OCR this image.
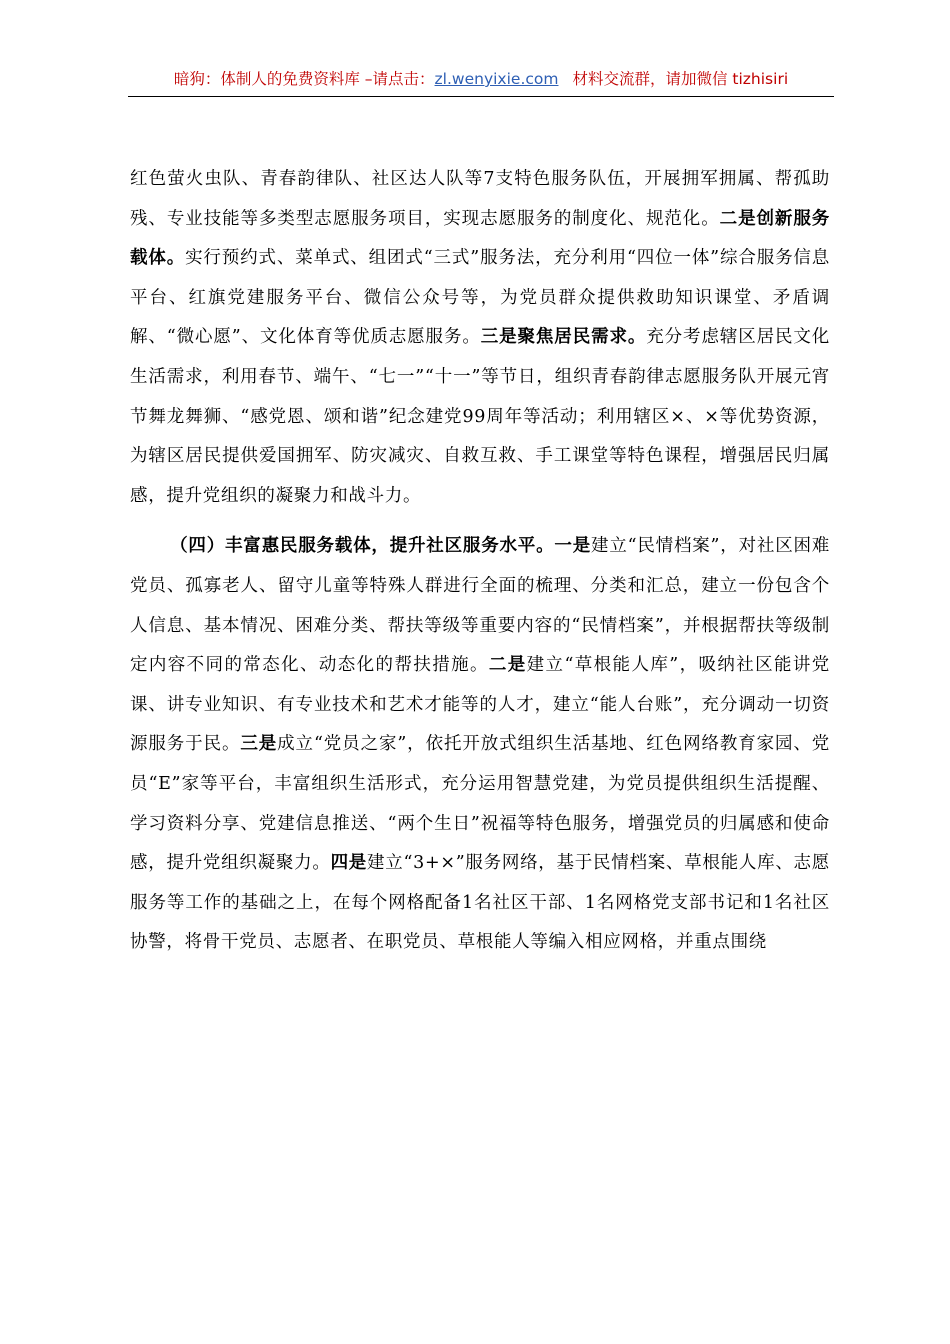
暗狗：体制人的免费资料库 –请点击：zl.wenyixie.com 材料交流群，请加微信 tizhisiri

红色萤火虫队、青春韵律队、社区达人队等7支特色服务队伍，开展拥军拥属、帮孤助残、专业技能等多类型志愿服务项目，实现志愿服务的制度化、规范化。二是创新服务载体。实行预约式、菜单式、组团式“三式”服务法，充分利用“四位一体”综合服务信息平台、红旗党建服务平台、微信公众号等，为党员群众提供救助知识课堂、矛盾调解、“微心愿”、文化体育等优质志愿服务。三是聚焦居民需求。充分考虑辖区居民文化生活需求，利用春节、端午、“七一”“十一”等节日，组织青春韵律志愿服务队开展元宵节舞龙舞狮、“感党恩、颂和谐”纪念建党99周年等活动；利用辖区×、×等优势资源，为辖区居民提供爱国拥军、防灾减灾、自救互救、手工课堂等特色课程，增强居民归属感，提升党组织的凝聚力和战斗力。

（四）丰富惠民服务载体，提升社区服务水平。一是建立“民情档案”，对社区困难党员、孤寡老人、留守儿童等特殊人群进行全面的梳理、分类和汇总，建立一份包含个人信息、基本情况、困难分类、帮扶等级等重要内容的“民情档案”，并根据帮扶等级制定内容不同的常态化、动态化的帮扶措施。二是建立“草根能人库”，吸纳社区能讲党课、讲专业知识、有专业技术和艺术才能等的人才，建立“能人台账”，充分调动一切资源服务于民。三是成立“党员之家”，依托开放式组织生活基地、红色网络教育家园、党员“E”家等平台，丰富组织生活形式，充分运用智慧党建，为党员提供组织生活提醒、学习资料分享、党建信息推送、“两个生日”祝福等特色服务，增强党员的归属感和使命感，提升党组织凝聚力。四是建立“3+×”服务网络，基于民情档案、草根能人库、志愿服务等工作的基础之上，在每个网格配备1名社区干部、1名网格党支部书记和1名社区协警，将骨干党员、志愿者、在职党员、草根能人等编入相应网格，并重点围绕
